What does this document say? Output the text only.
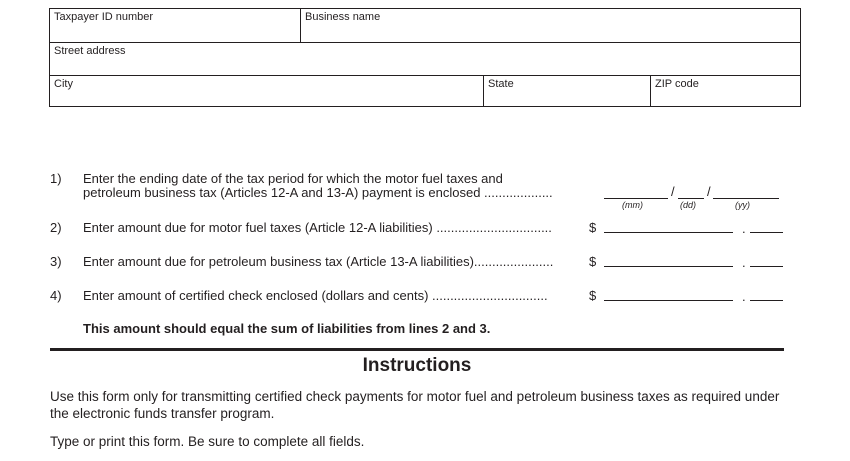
Taxpayer ID number	Business name
Street address
City	State	ZIP code
1) Enter the ending date of the tax period for which the motor fuel taxes and
petroleum business tax (Articles 12-A and 13-A) payment is enclosed ...................	/ /
(mm)	(dd)	(yy)
2) Enter amount due for motor fuel taxes (Article 12-A liabilities) ................................	$	.
3) Enter amount due for petroleum business tax (Article 13-A liabilities)......................	$	.
4) Enter amount of certified check enclosed (dollars and cents) ................................	$	.
This amount should equal the sum of liabilities from lines 2 and 3.
Instructions
Use this form only for transmitting certified check payments for motor fuel and petroleum business taxes as required under
the electronic funds transfer program.
Type or print this form. Be sure to complete all fields.
